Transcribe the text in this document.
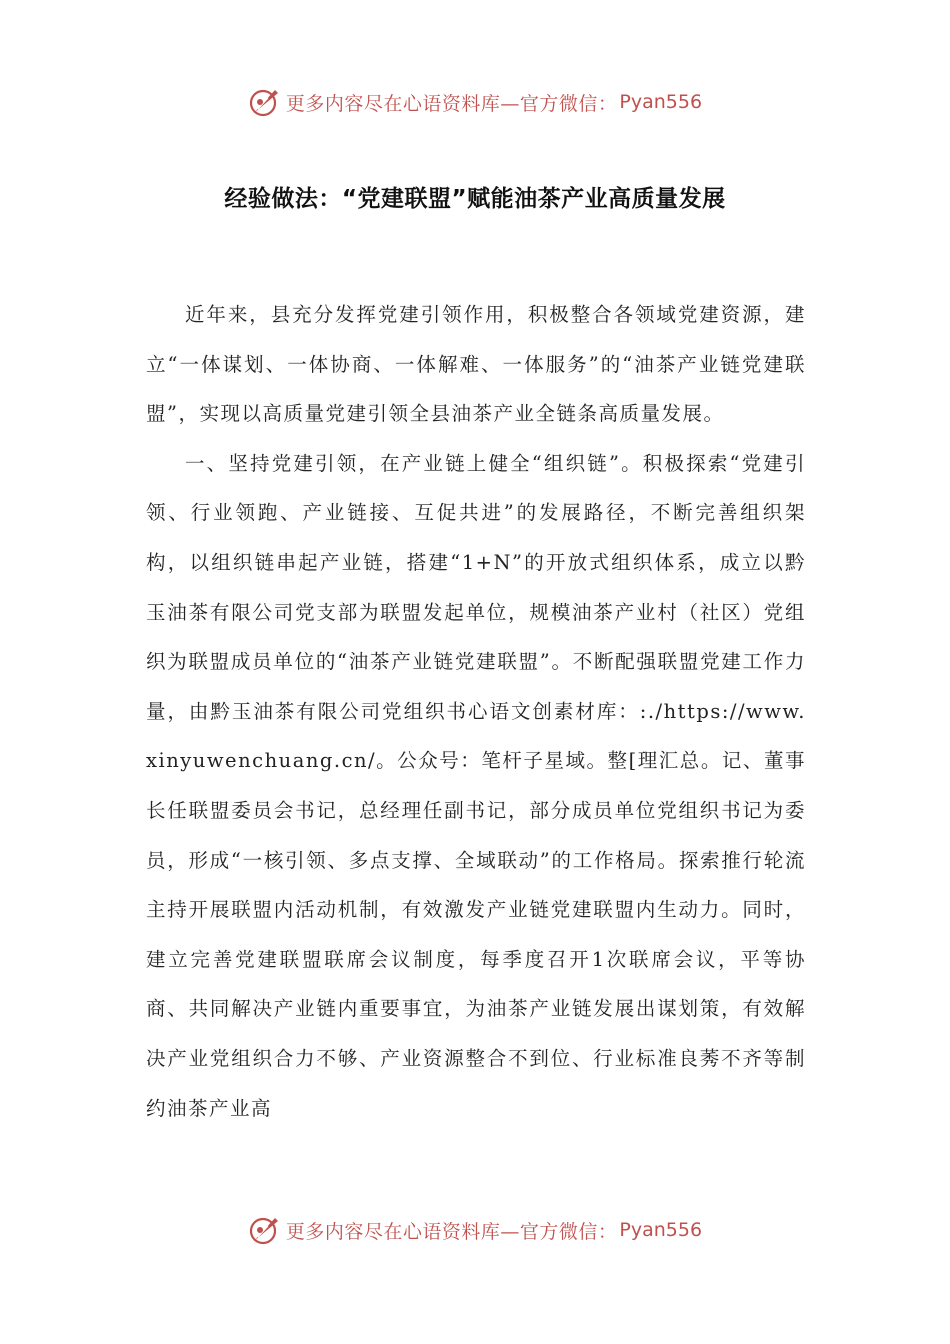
更多内容尽在心语资料库—官方微信： Pyan556
经验做法：“党建联盟”赋能油茶产业高质量发展

近年来，县充分发挥党建引领作用，积极整合各领域党建资源，建立“一体谋划、一体协商、一体解难、一体服务”的“油茶产业链党建联盟”，实现以高质量党建引领全县油茶产业全链条高质量发展。

一、坚持党建引领，在产业链上健全“组织链”。积极探索“党建引领、行业领跑、产业链接、互促共进”的发展路径，不断完善组织架构，以组织链串起产业链，搭建“1+N”的开放式组织体系，成立以黔玉油茶有限公司党支部为联盟发起单位，规模油茶产业村（社区）党组织为联盟成员单位的“油茶产业链党建联盟”。不断配强联盟党建工作力量，由黔玉油茶有限公司党组织书心语文创素材库：:./https://www.xinyuwenchuang.cn/。公众号：笔杆子星域。整[理汇总。记、董事长任联盟委员会书记，总经理任副书记，部分成员单位党组织书记为委员，形成“一核引领、多点支撑、全域联动”的工作格局。探索推行轮流主持开展联盟内活动机制，有效激发产业链党建联盟内生动力。同时，建立完善党建联盟联席会议制度，每季度召开1次联席会议，平等协商、共同解决产业链内重要事宜，为油茶产业链发展出谋划策，有效解决产业党组织合力不够、产业资源整合不到位、行业标准良莠不齐等制约油茶产业高

更多内容尽在心语资料库—官方微信： Pyan556
